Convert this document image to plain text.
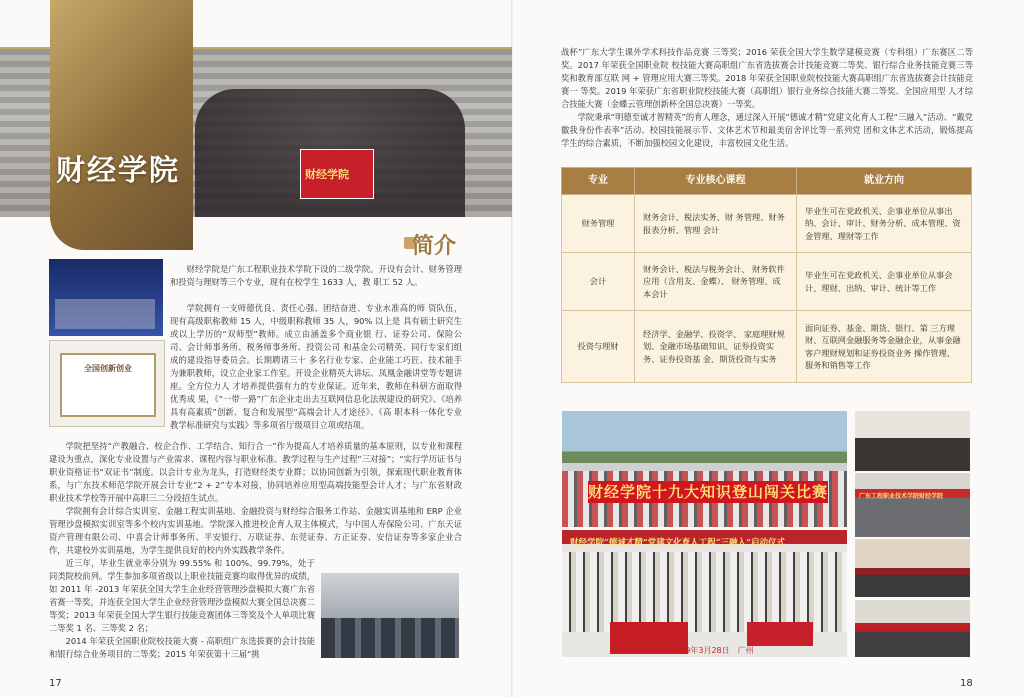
财经学院
财经学院
简介
全国创新创业

财经学院是广东工程职业技术学院下设的二级学院。开设有会计、财务管理和投资与理财等三个专业，现有在校学生 1633 人，教 职工 52 人。

学院拥有一支师德优良、责任心强、团结奋进、专业水准高的师 资队伍，现有高级职称教师 15 人，中级职称教师 35 人，90% 以上是 具有硕士研究生或以上学历的“双师型”教师。成立由涵盖多个商业银 行、证券公司、保险公司、会计师事务所、税务师事务所、投资公司 和基金公司精英、同行专家们组成的建设指导委员会。长期聘请三十 多名行业专家、企业能工巧匠、技术能手为兼职教师，设立企业家工作室。开设企业精英大讲坛、凤凰金融讲堂等专题讲座。全方位力人 才培养提供强有力的专业保证。近年来，教师在科研方面取得优秀成 果，《“一带一路”广东企业走出去互联网信息化法规建设的研究》、《培养具有高素质”创新、复合和发展型”高端会计人才途径》、《高 职本科一体化专业教学标准研究与实践》等多项省厅级项目立项或结项。

学院把坚持“产教融合、校企合作、工学结合、知行合一”作为提高人才培养质量的基本原则，以专业和课程建设为重点，深化专业设置与产业需求、课程内容与职业标准、教学过程与生产过程“三对接”；“实行学历证书与职业资格证书“双证书”制度。以会计专业为龙头，打造财经类专业群；以协同创新为引领，探索现代职业教育体系，与广东技术师范学院开展会计专业“2 + 2”专本对接，协同培养应用型高端技能型会计人才；与广东省财政职业技术学校等开展中高职三二分段招生试点。

学院拥有会计综合实训室、金融工程实训基地、金融投资与财经综合服务工作站、金融实训基地和 ERP 企业管理沙盘模拟实训室等多个校内实训基地。学院深入推进校企育人双主体模式，与中国人寿保险公司、广东天证资产管理有限公司、中喜会计师事务所、平安银行、万联证券、东莞证券、方正证券、安信证券等多家企业合作，共建校外实训基地，为学生提供良好的校内外实践教学条件。

近三年，毕业生就业率分别为 99.55% 和 100%、99.79%，处于同类院校前列。学生参加多项省级以上职业技能竞赛均取得优异的成绩，如 2011 年 -2013 年荣获全国大学生企业经营管理沙盘模拟大赛广东省省赛一等奖，并连获全国大学生企业经营管理沙盘模拟大赛全国总决赛二等奖；2013 年荣获全国大学生银行技能竞赛团体三等奖及个人单项比赛二等奖 1 名、三等奖 2 名；

2014 年荣获全国职业院校技能大赛 - 高职组广东选拔赛的会计技能和银行综合业务项目的二等奖；2015 年荣获第十三届“挑

17

战杯”广东大学生课外学术科技作品竞赛 三等奖；2016 荣获全国大学生数学建模竞赛（专科组）广东赛区二等奖。2017 年荣获全国职业院 校技能大赛高职组广东省选拔赛会计技能竞赛二等奖、银行综合业务技能竞赛三等奖和教育部互联 网 + 管理应用大赛三等奖。2018 年荣获全国职业院校技能大赛高职组广东省选拔赛会计技能竞赛一 等奖。2019 年荣获广东省职业院校技能大赛（高职组）银行业务综合技能大赛二等奖、全国应用型 人才综合技能大赛（金蝶云管理创新杯全国总决赛）一等奖。

学院秉承“明德至诚才智精英”的育人理念，通过深入开展“德诚才精”党建文化育人工程“三融入”活动、“戴党徽我身份作表率”活动、校园技能展示节、文体艺术节和最美宿舍评比等一系列党 团和文体艺术活动，锻炼提高学生的综合素质，不断加强校园文化建设，丰富校园文化生活。

专业	专业核心课程	就业方向
财务管理	财务会计、税法实务、财 务管理、财务报表分析、管理 会计	毕业生可在党政机关、企事业单位从事出纳、会计、审计、财务分析、成本管理、资金管理、理财等工作
会计	财务会计、税法与税务会计、 财务软件应用（含用友、金蝶）、 财务管理、成本会计	毕业生可在党政机关、企事业单位从事会计、理财、出纳、审计、统计等工作
投资与理财	经济学、金融学、投资学、 家庭理财规划、金融市场基础知识、证券投资实务、证券投资基 金、期货投资与实务	面向证券、基金、期货、银行、第 三方理财、互联网金融服务等金融企业，从事金融客户理财规划和证券投资业务 操作管理、服务和销售等工作
财经学院十九大知识登山闯关比赛
财经学院“德诚才精”党建文化育人工程“三融入”启动仪式
2019年3月28日　广州
广东工程职业技术学院财经学院
18
